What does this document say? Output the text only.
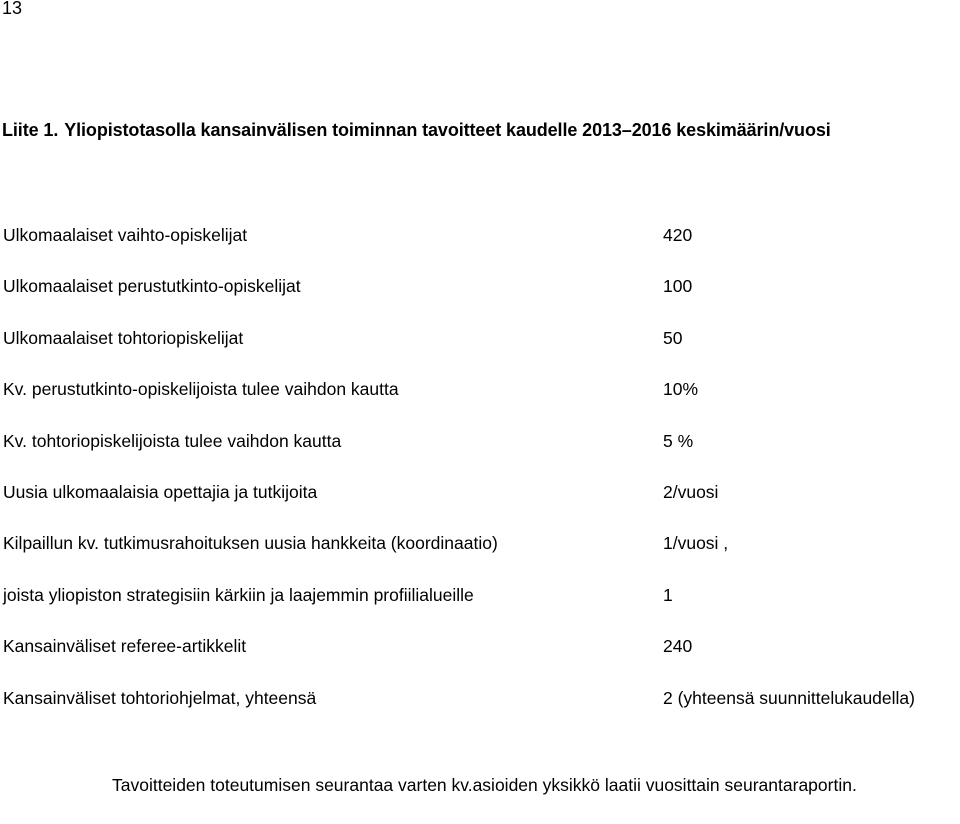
13
Liite 1. Yliopistotasolla kansainvälisen toiminnan tavoitteet kaudelle 2013–2016 keskimäärin/vuosi
Ulkomaalaiset vaihto-opiskelijat	420
Ulkomaalaiset perustutkinto-opiskelijat	100
Ulkomaalaiset tohtoriopiskelijat	50
Kv. perustutkinto-opiskelijoista tulee vaihdon kautta	10%
Kv. tohtoriopiskelijoista tulee vaihdon kautta	5 %
Uusia ulkomaalaisia opettajia ja tutkijoita	2/vuosi
Kilpaillun kv. tutkimusrahoituksen uusia hankkeita (koordinaatio)	1/vuosi ,
joista yliopiston strategisiin kärkiin ja laajemmin profiilialueille	1
Kansainväliset referee-artikkelit	240
Kansainväliset tohtoriohjelmat, yhteensä	2 (yhteensä suunnittelukaudella)
Tavoitteiden toteutumisen seurantaa varten kv.asioiden yksikkö laatii vuosittain seurantaraportin.
